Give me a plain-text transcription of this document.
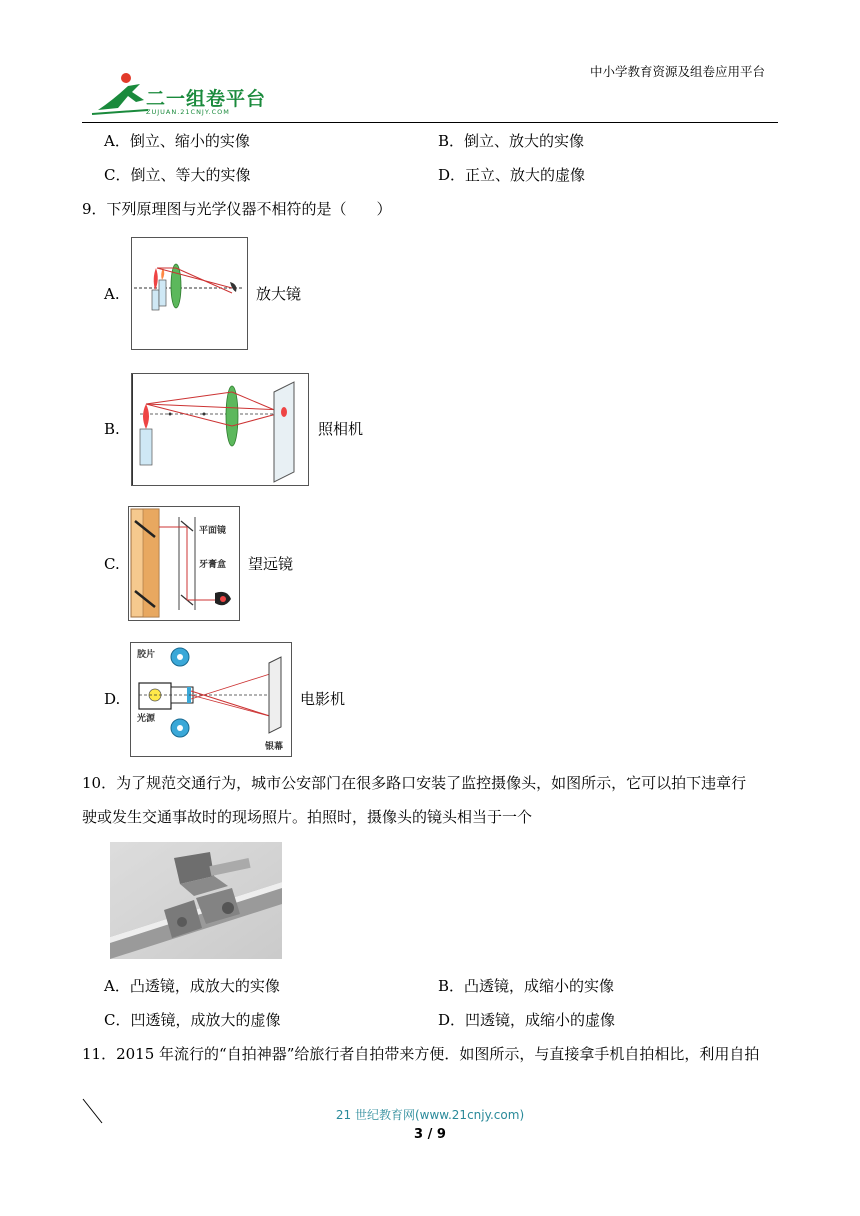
中小学教育资源及组卷应用平台
二一组卷平台
ZUJUAN.21CNJY.COM
A．倒立、缩小的实像	B．倒立、放大的实像
C．倒立、等大的实像	D．正立、放大的虚像
9．下列原理图与光学仪器不相符的是（　　）
A.	放大镜
B.	照相机
C.
平面镜
牙膏盒 望远镜
D.
胶片
光源
银幕
电影机
10．为了规范交通行为，城市公安部门在很多路口安装了监控摄像头，如图所示，它可以拍下违章行
驶或发生交通事故时的现场照片。拍照时，摄像头的镜头相当于一个
A．凸透镜，成放大的实像	B．凸透镜，成缩小的实像
C．凹透镜，成放大的虚像	D．凹透镜，成缩小的虚像
11．2015 年流行的“自拍神器”给旅行者自拍带来方便．如图所示，与直接拿手机自拍相比，利用自拍
21 世纪教育网(www.21cnjy.com)
3 / 9
